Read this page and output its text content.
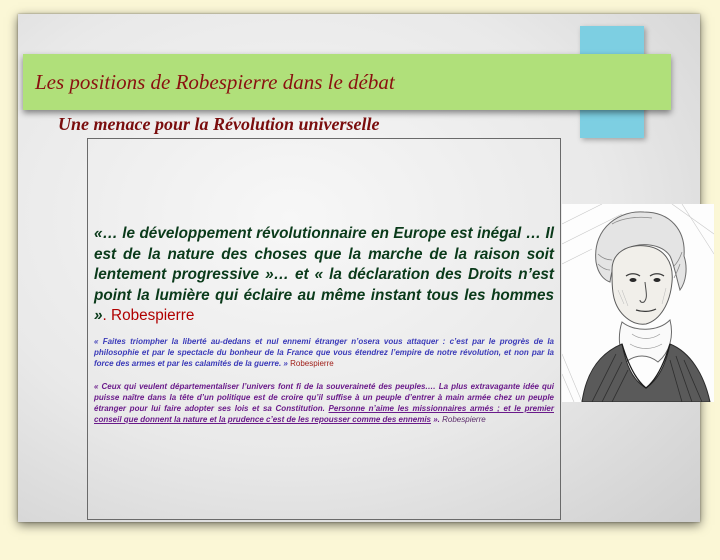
Les positions de Robespierre dans le débat
Une menace pour la Révolution universelle
«… le développement révolutionnaire en Europe est inégal … Il est de la nature des choses que la marche de la raison soit lentement progressive »… et « la déclaration des Droits n’est point la lumière qui éclaire au même instant tous les hommes ». Robespierre
« Faites triompher la liberté au-dedans et nul ennemi étranger n’osera vous attaquer : c’est par le progrès de la philosophie et par le spectacle du bonheur de la France que vous étendrez l’empire de notre révolution, et non par la force des armes et par les calamités de la guerre. » Robespierre
« Ceux qui veulent départementaliser l’univers font fi de la souveraineté des peuples.… La plus extravagante idée qui puisse naître dans la tête d’un politique est de croire qu’il suffise à un peuple d’entrer à main armée chez un peuple étranger pour lui faire adopter ses lois et sa Constitution. Personne n’aime les missionnaires armés ; et le premier conseil que donnent la nature et la prudence c’est de les repousser comme des ennemis ». Robespierre
